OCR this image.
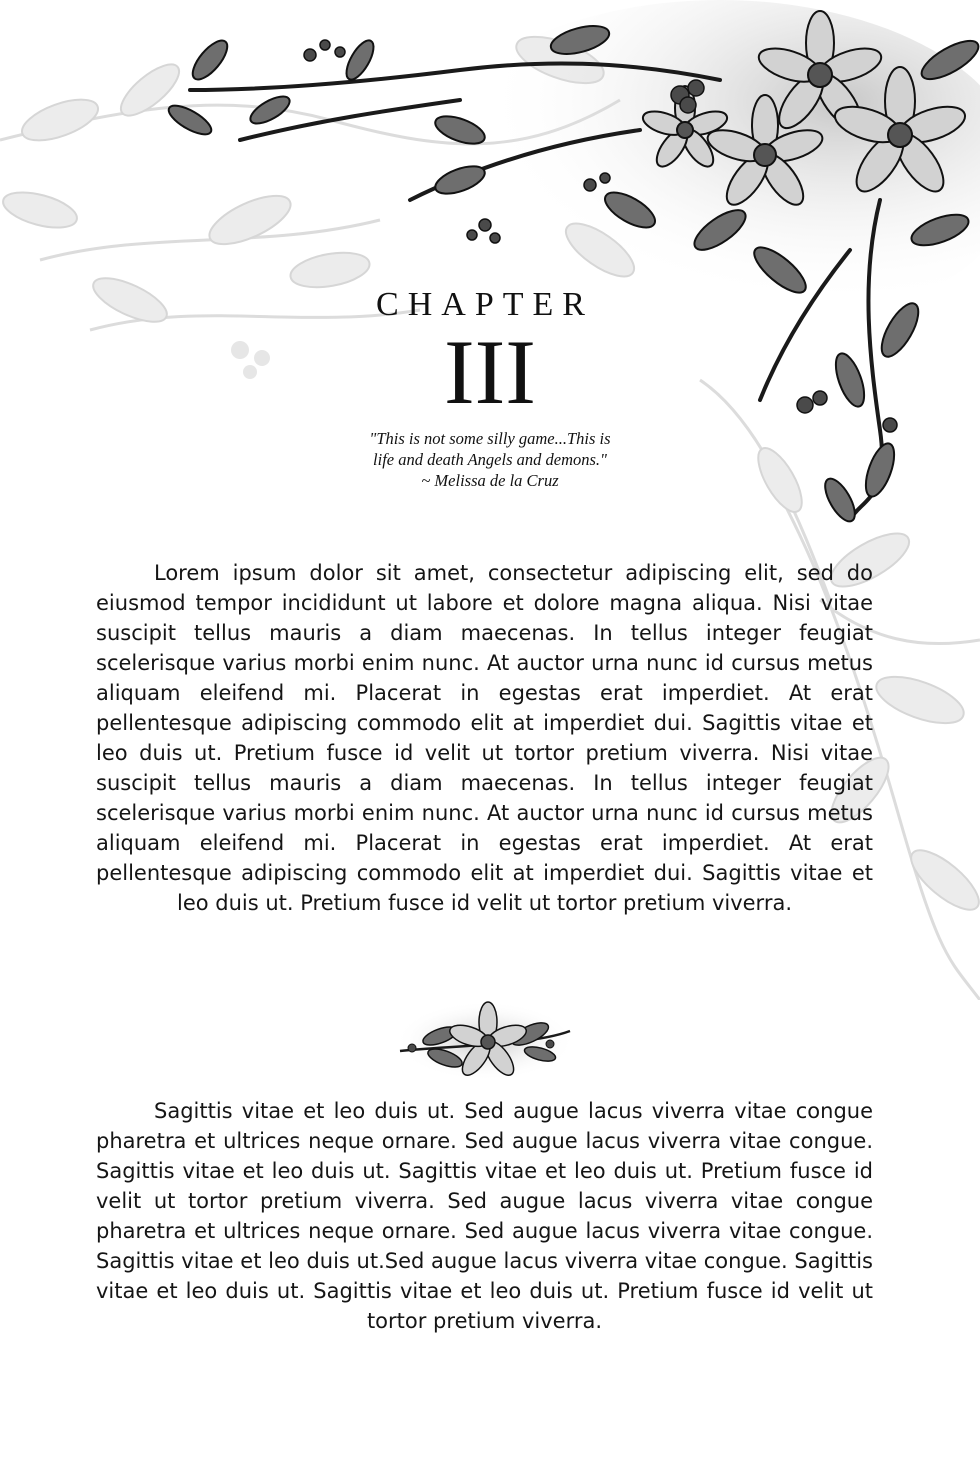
CHAPTER
III
"This is not some silly game...This is
life and death Angels and demons."
~ Melissa de la Cruz

Lorem ipsum dolor sit amet, consectetur adipiscing elit, sed do eiusmod tempor incididunt ut labore et dolore magna aliqua. Nisi vitae suscipit tellus mauris a diam maecenas. In tellus integer feugiat scelerisque varius morbi enim nunc. At auctor urna nunc id cursus metus aliquam eleifend mi. Placerat in egestas erat imperdiet. At erat pellentesque adipiscing commodo elit at imperdiet dui. Sagittis vitae et leo duis ut. Pretium fusce id velit ut tortor pretium viverra. Nisi vitae suscipit tellus mauris a diam maecenas. In tellus integer feugiat scelerisque varius morbi enim nunc. At auctor urna nunc id cursus metus aliquam eleifend mi. Placerat in egestas erat imperdiet. At erat pellentesque adipiscing commodo elit at imperdiet dui. Sagittis vitae et leo duis ut. Pretium fusce id velit ut tortor pretium viverra.

Sagittis vitae et leo duis ut. Sed augue lacus viverra vitae congue pharetra et ultrices neque ornare. Sed augue lacus viverra vitae congue. Sagittis vitae et leo duis ut. Sagittis vitae et leo duis ut. Pretium fusce id velit ut tortor pretium viverra. Sed augue lacus viverra vitae congue pharetra et ultrices neque ornare. Sed augue lacus viverra vitae congue. Sagittis vitae et leo duis ut.Sed augue lacus viverra vitae congue. Sagittis vitae et leo duis ut. Sagittis vitae et leo duis ut. Pretium fusce id velit ut tortor pretium viverra.
